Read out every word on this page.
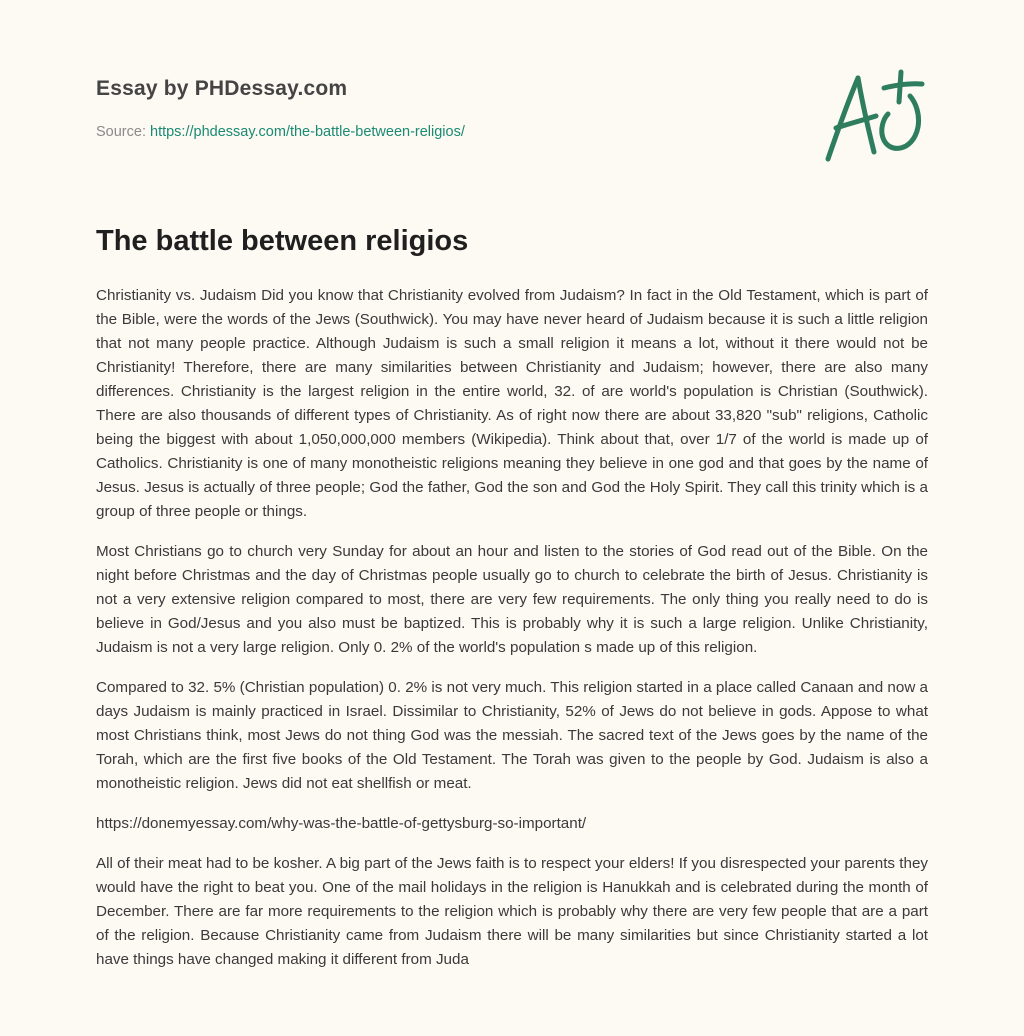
Essay by PHDessay.com
Source: https://phdessay.com/the-battle-between-religios/
The battle between religios

Christianity vs. Judaism Did you know that Christianity evolved from Judaism? In fact in the Old Testament, which is part of the Bible, were the words of the Jews (Southwick). You may have never heard of Judaism because it is such a little religion that not many people practice. Although Judaism is such a small religion it means a lot, without it there would not be Christianity! Therefore, there are many similarities between Christianity and Judaism; however, there are also many differences. Christianity is the largest religion in the entire world, 32. of are world's population is Christian (Southwick). There are also thousands of different types of Christianity. As of right now there are about 33,820 "sub" religions, Catholic being the biggest with about 1,050,000,000 members (Wikipedia). Think about that, over 1/7 of the world is made up of Catholics. Christianity is one of many monotheistic religions meaning they believe in one god and that goes by the name of Jesus. Jesus is actually of three people; God the father, God the son and God the Holy Spirit. They call this trinity which is a group of three people or things.

Most Christians go to church very Sunday for about an hour and listen to the stories of God read out of the Bible. On the night before Christmas and the day of Christmas people usually go to church to celebrate the birth of Jesus. Christianity is not a very extensive religion compared to most, there are very few requirements. The only thing you really need to do is believe in God/Jesus and you also must be baptized. This is probably why it is such a large religion. Unlike Christianity, Judaism is not a very large religion. Only 0. 2% of the world's population s made up of this religion.

Compared to 32. 5% (Christian population) 0. 2% is not very much. This religion started in a place called Canaan and now a days Judaism is mainly practiced in Israel. Dissimilar to Christianity, 52% of Jews do not believe in gods. Appose to what most Christians think, most Jews do not thing God was the messiah. The sacred text of the Jews goes by the name of the Torah, which are the first five books of the Old Testament. The Torah was given to the people by God. Judaism is also a monotheistic religion. Jews did not eat shellfish or meat.

https://donemyessay.com/why-was-the-battle-of-gettysburg-so-important/

All of their meat had to be kosher. A big part of the Jews faith is to respect your elders! If you disrespected your parents they would have the right to beat you. One of the mail holidays in the religion is Hanukkah and is celebrated during the month of December. There are far more requirements to the religion which is probably why there are very few people that are a part of the religion. Because Christianity came from Judaism there will be many similarities but since Christianity started a lot have things have changed making it different from Juda
